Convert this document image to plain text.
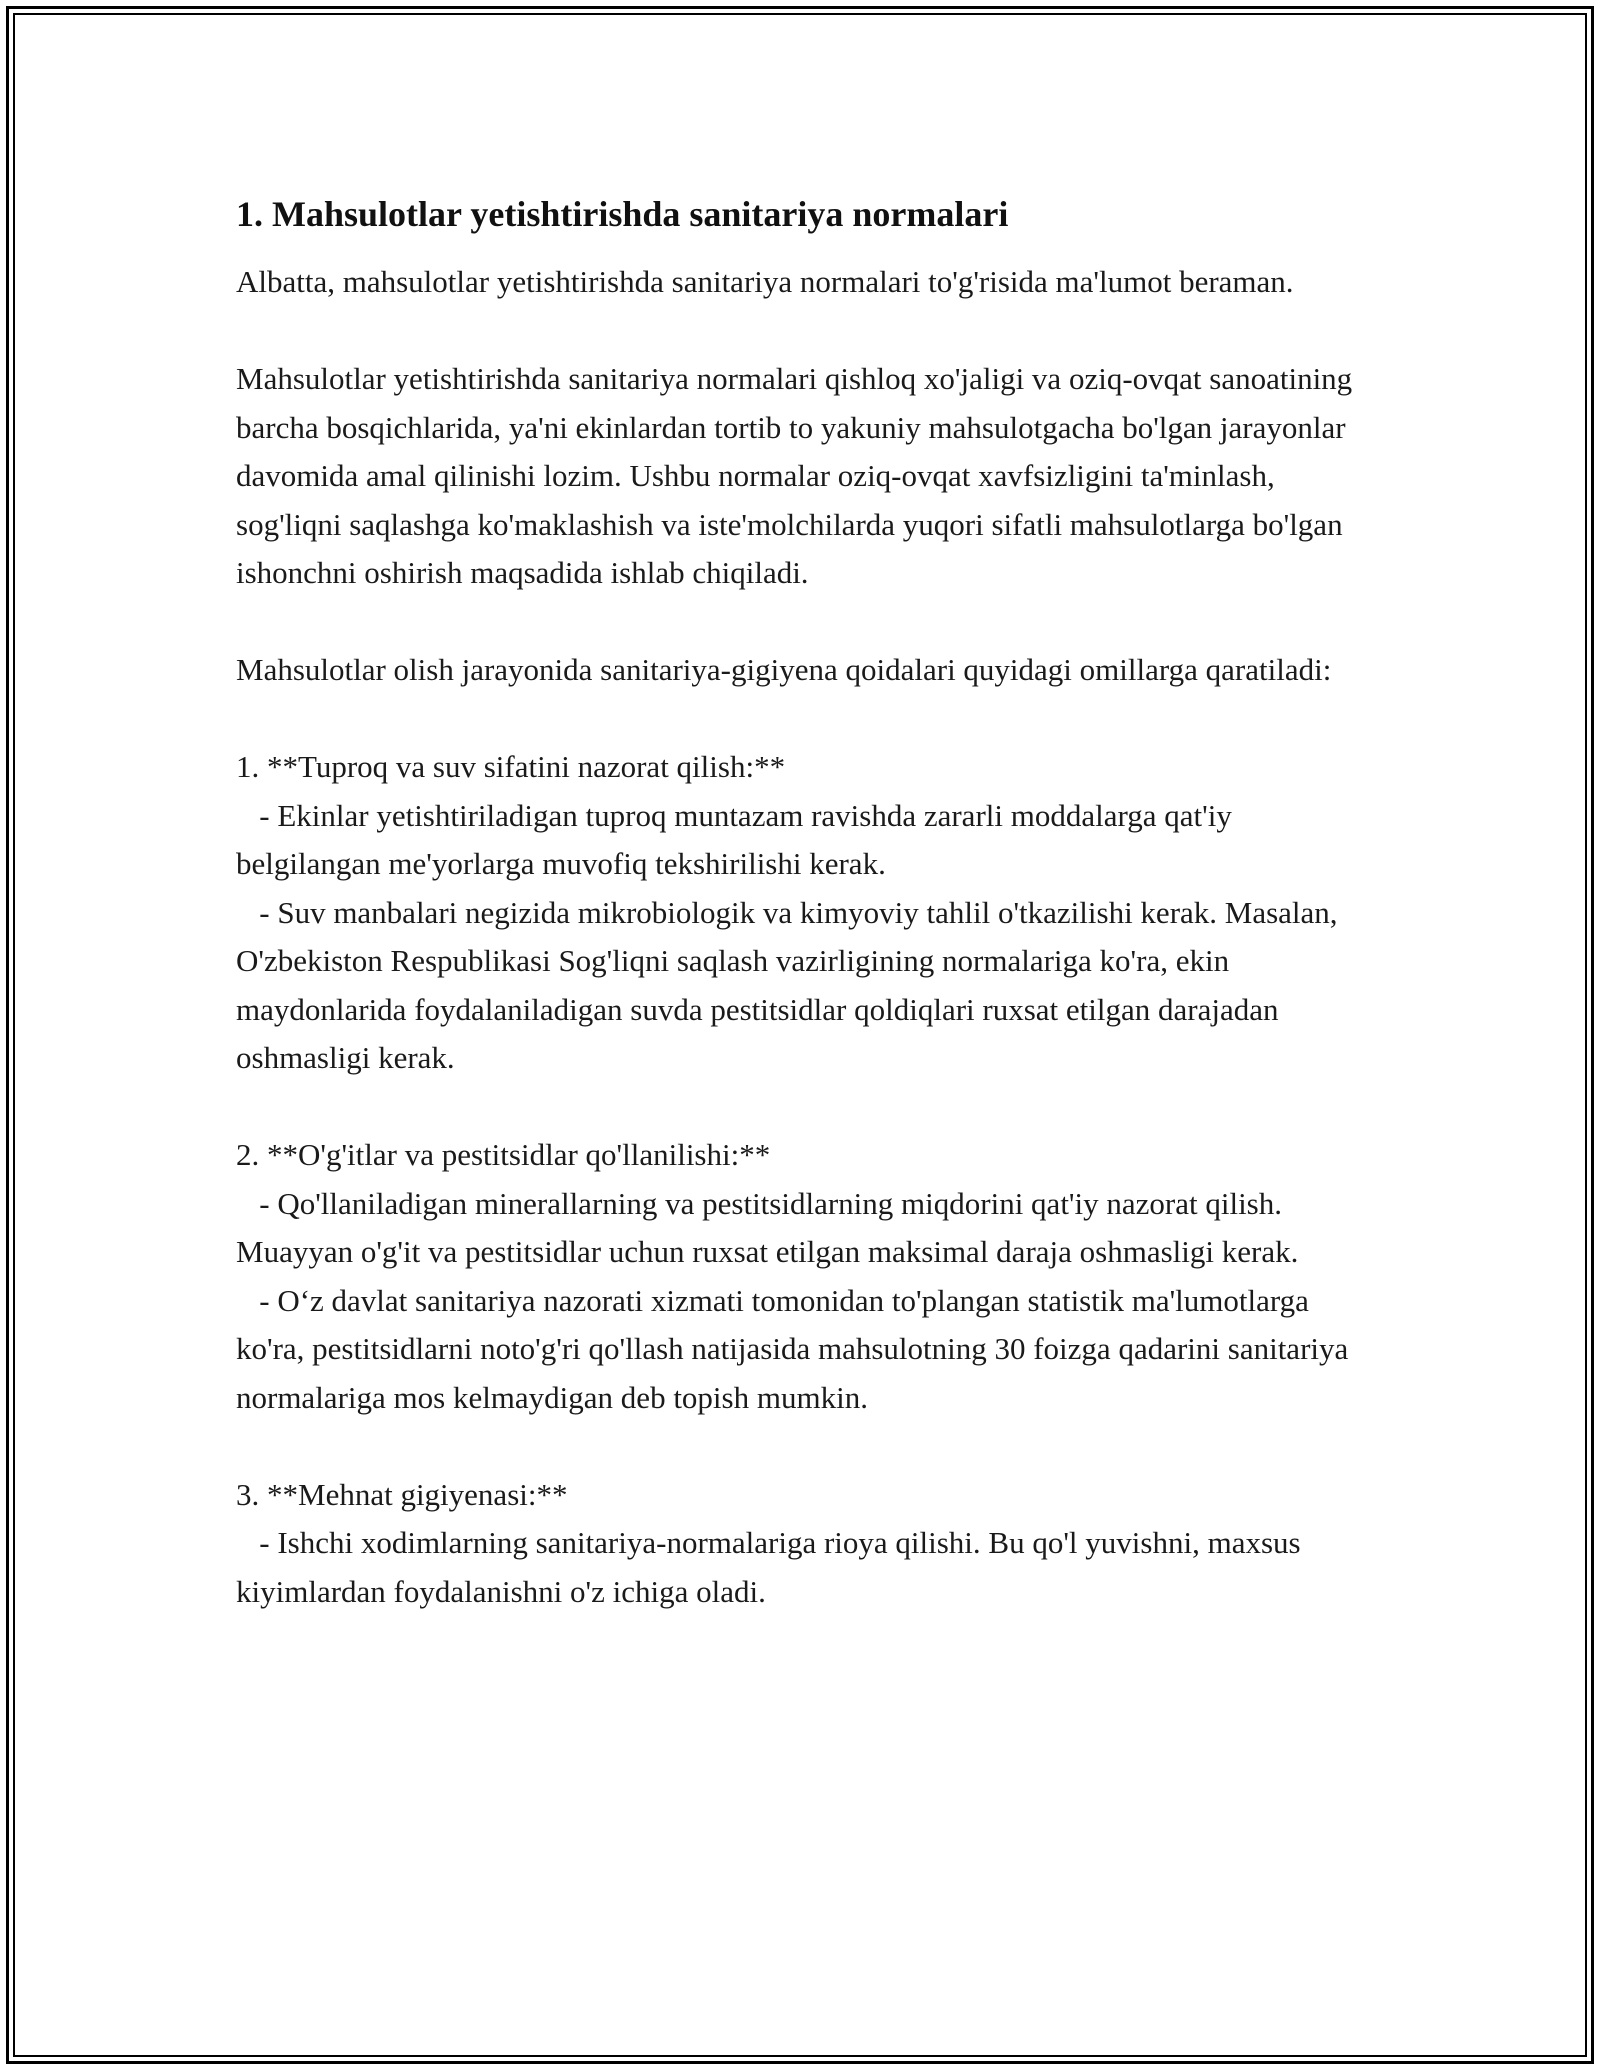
1. Mahsulotlar yetishtirishda sanitariya normalari

Albatta, mahsulotlar yetishtirishda sanitariya normalari to'g'risida ma'lumot beraman.

Mahsulotlar yetishtirishda sanitariya normalari qishloq xo'jaligi va oziq-ovqat sanoatining barcha bosqichlarida, ya'ni ekinlardan tortib to yakuniy mahsulotgacha bo'lgan jarayonlar davomida amal qilinishi lozim. Ushbu normalar oziq-ovqat xavfsizligini ta'minlash, sog'liqni saqlashga ko'maklashish va iste'molchilarda yuqori sifatli mahsulotlarga bo'lgan ishonchni oshirish maqsadida ishlab chiqiladi.

Mahsulotlar olish jarayonida sanitariya-gigiyena qoidalari quyidagi omillarga qaratiladi:

1. **Tuproq va suv sifatini nazorat qilish:**

- Ekinlar yetishtiriladigan tuproq muntazam ravishda zararli moddalarga qat'iy belgilangan me'yorlarga muvofiq tekshirilishi kerak.

- Suv manbalari negizida mikrobiologik va kimyoviy tahlil o'tkazilishi kerak. Masalan, O'zbekiston Respublikasi Sog'liqni saqlash vazirligining normalariga ko'ra, ekin maydonlarida foydalaniladigan suvda pestitsidlar qoldiqlari ruxsat etilgan darajadan oshmasligi kerak.

2. **O'g'itlar va pestitsidlar qo'llanilishi:**

- Qo'llaniladigan minerallarning va pestitsidlarning miqdorini qat'iy nazorat qilish. Muayyan o'g'it va pestitsidlar uchun ruxsat etilgan maksimal daraja oshmasligi kerak.

- O‘z davlat sanitariya nazorati xizmati tomonidan to'plangan statistik ma'lumotlarga ko'ra, pestitsidlarni noto'g'ri qo'llash natijasida mahsulotning 30 foizga qadarini sanitariya normalariga mos kelmaydigan deb topish mumkin.

3. **Mehnat gigiyenasi:**

- Ishchi xodimlarning sanitariya-normalariga rioya qilishi. Bu qo'l yuvishni, maxsus kiyimlardan foydalanishni o'z ichiga oladi.
